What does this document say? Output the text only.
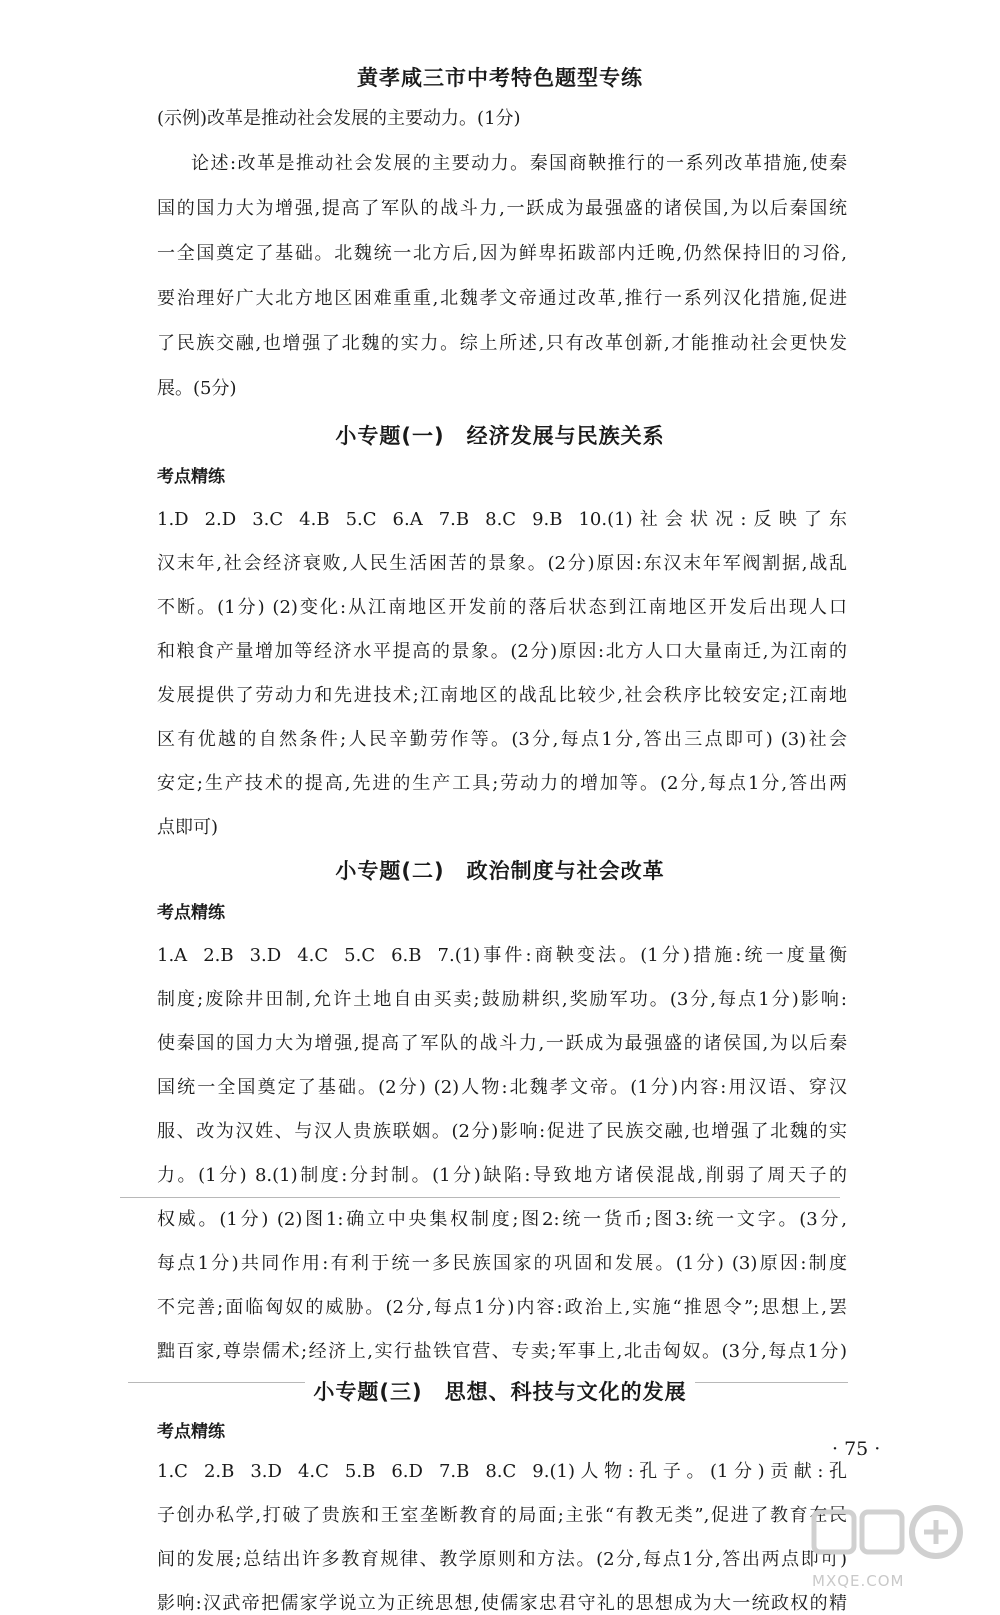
黄孝咸三市中考特色题型专练

(示例)改革是推动社会发展的主要动力。(1分)

论述:改革是推动社会发展的主要动力。秦国商鞅推行的一系列改革措施,使秦

国的国力大为增强,提高了军队的战斗力,一跃成为最强盛的诸侯国,为以后秦国统

一全国奠定了基础。北魏统一北方后,因为鲜卑拓跋部内迁晚,仍然保持旧的习俗,

要治理好广大北方地区困难重重,北魏孝文帝通过改革,推行一系列汉化措施,促进

了民族交融,也增强了北魏的实力。综上所述,只有改革创新,才能推动社会更快发

展。(5分)

小专题(一) 经济发展与民族关系
考点精练

1.D 2.D 3.C 4.B 5.C 6.A 7.B 8.C 9.B 10.(1)社会状况:反映了东

汉末年,社会经济衰败,人民生活困苦的景象。(2分)原因:东汉末年军阀割据,战乱

不断。(1分) (2)变化:从江南地区开发前的落后状态到江南地区开发后出现人口

和粮食产量增加等经济水平提高的景象。(2分)原因:北方人口大量南迁,为江南的

发展提供了劳动力和先进技术;江南地区的战乱比较少,社会秩序比较安定;江南地

区有优越的自然条件;人民辛勤劳作等。(3分,每点1分,答出三点即可) (3)社会

安定;生产技术的提高,先进的生产工具;劳动力的增加等。(2分,每点1分,答出两

点即可)

小专题(二) 政治制度与社会改革
考点精练

1.A 2.B 3.D 4.C 5.C 6.B 7.(1)事件:商鞅变法。(1分)措施:统一度量衡

制度;废除井田制,允许土地自由买卖;鼓励耕织,奖励军功。(3分,每点1分)影响:

使秦国的国力大为增强,提高了军队的战斗力,一跃成为最强盛的诸侯国,为以后秦

国统一全国奠定了基础。(2分) (2)人物:北魏孝文帝。(1分)内容:用汉语、穿汉

服、改为汉姓、与汉人贵族联姻。(2分)影响:促进了民族交融,也增强了北魏的实

力。(1分) 8.(1)制度:分封制。(1分)缺陷:导致地方诸侯混战,削弱了周天子的

权威。(1分) (2)图1:确立中央集权制度;图2:统一货币;图3:统一文字。(3分,

每点1分)共同作用:有利于统一多民族国家的巩固和发展。(1分) (3)原因:制度

不完善;面临匈奴的威胁。(2分,每点1分)内容:政治上,实施“推恩令”;思想上,罢

黜百家,尊崇儒术;经济上,实行盐铁官营、专卖;军事上,北击匈奴。(3分,每点1分)

小专题(三) 思想、科技与文化的发展
考点精练

1.C 2.B 3.D 4.C 5.B 6.D 7.B 8.C 9.(1)人物:孔子。(1分)贡献:孔

子创办私学,打破了贵族和王室垄断教育的局面;主张“有教无类”,促进了教育在民

间的发展;总结出许多教育规律、教学原则和方法。(2分,每点1分,答出两点即可)

影响:汉武帝把儒家学说立为正统思想,使儒家忠君守礼的思想成为大一统政权的精

· 75 ·

MXQE.COM
